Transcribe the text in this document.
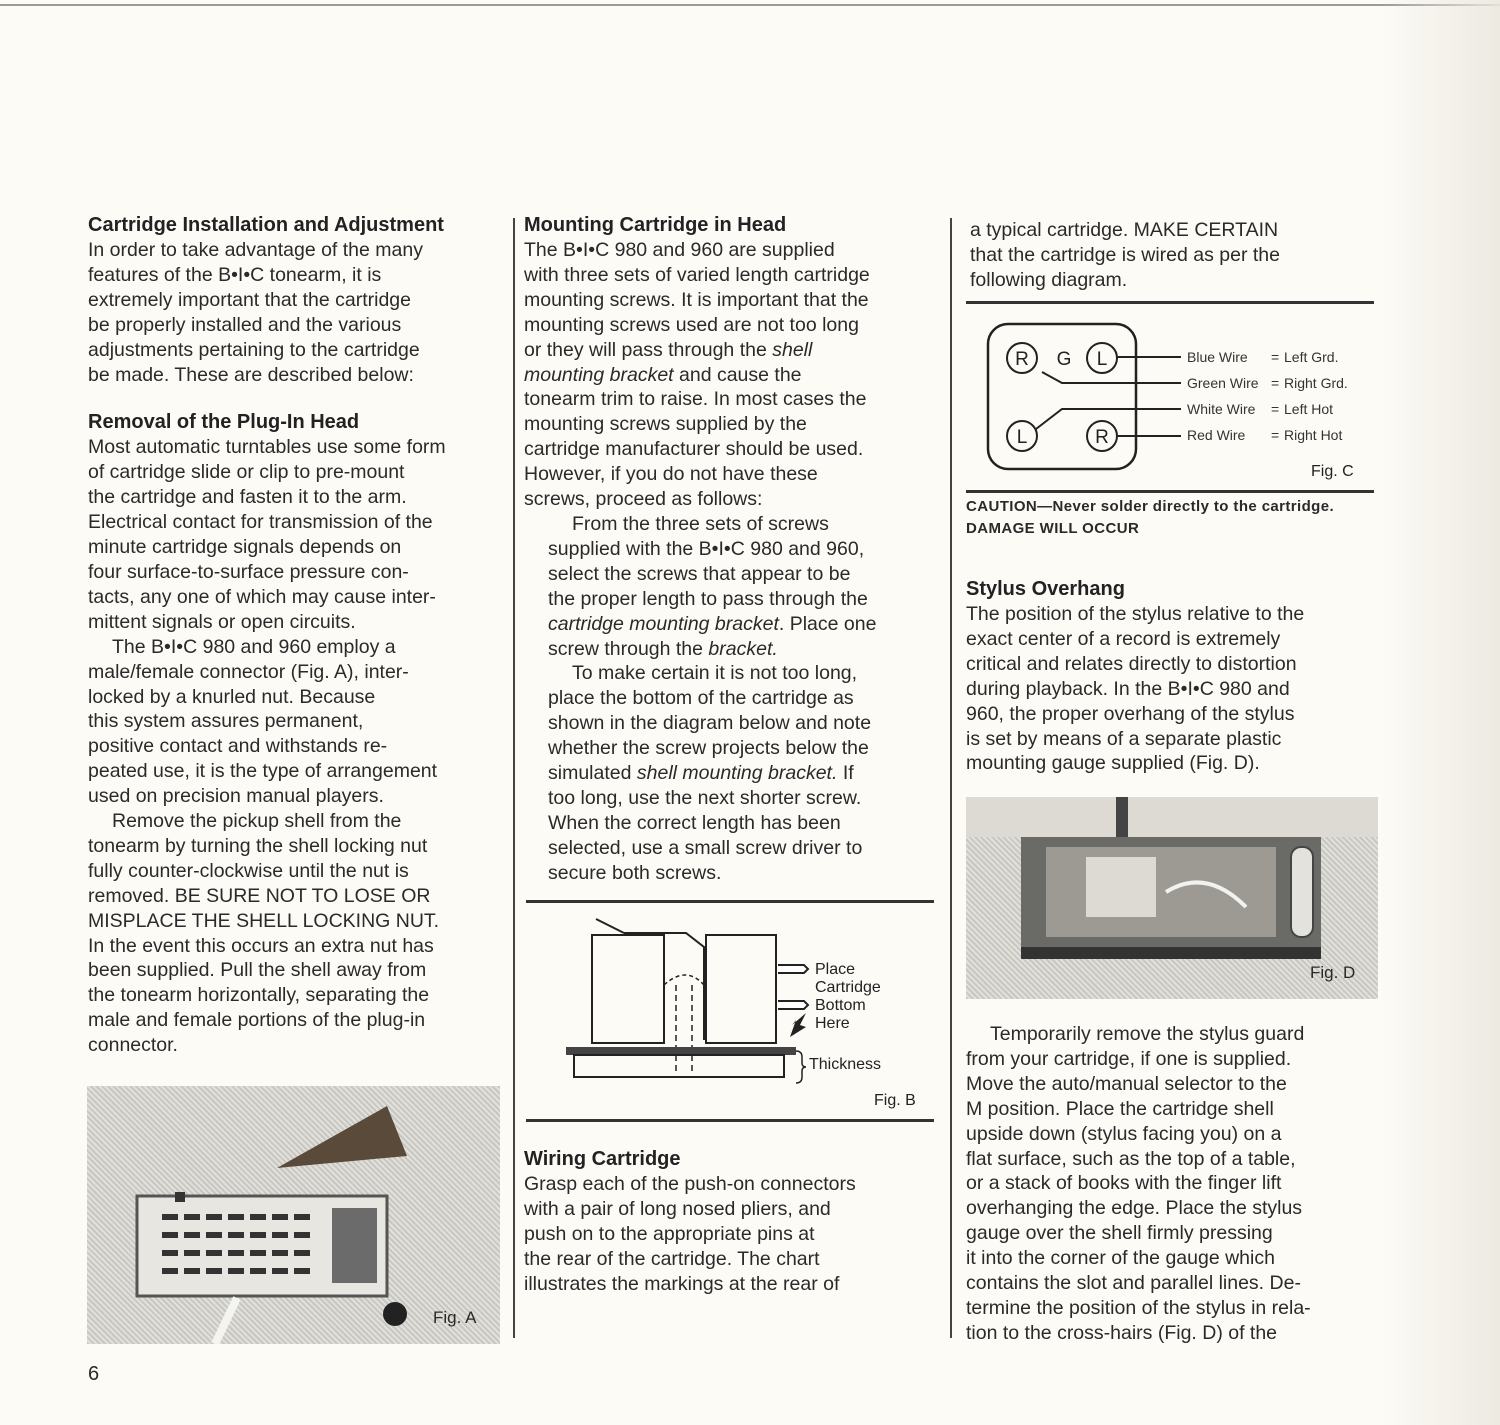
Cartridge Installation and Adjustment

In order to take advantage of the many
features of the B•I•C tonearm, it is
extremely important that the cartridge
be properly installed and the various
adjustments pertaining to the cartridge
be made. These are described below:

Removal of the Plug-In Head

Most automatic turntables use some form
of cartridge slide or clip to pre-mount
the cartridge and fasten it to the arm.
Electrical contact for transmission of the
minute cartridge signals depends on
four surface-to-surface pressure con-
tacts, any one of which may cause inter-
mittent signals or open circuits.

The B•I•C 980 and 960 employ a
male/female connector (Fig. A), inter-
locked by a knurled nut. Because
this system assures permanent,
positive contact and withstands re-
peated use, it is the type of arrangement
used on precision manual players.

Remove the pickup shell from the
tonearm by turning the shell locking nut
fully counter-clockwise until the nut is
removed. BE SURE NOT TO LOSE OR
MISPLACE THE SHELL LOCKING NUT.
In the event this occurs an extra nut has
been supplied. Pull the shell away from
the tonearm horizontally, separating the
male and female portions of the plug-in
connector.

Fig. A
Mounting Cartridge in Head

The B•I•C 980 and 960 are supplied
with three sets of varied length cartridge
mounting screws. It is important that the
mounting screws used are not too long
or they will pass through the shell
mounting bracket and cause the
tonearm trim to raise. In most cases the
mounting screws supplied by the
cartridge manufacturer should be used.
However, if you do not have these
screws, proceed as follows:

From the three sets of screws
supplied with the B•I•C 980 and 960,
select the screws that appear to be
the proper length to pass through the
cartridge mounting bracket. Place one
screw through the bracket.

To make certain it is not too long,
place the bottom of the cartridge as
shown in the diagram below and note
whether the screw projects below the
simulated shell mounting bracket. If
too long, use the next shorter screw.
When the correct length has been
selected, use a small screw driver to
secure both screws.

Place
Cartridge
Bottom
Here
Thickness
Fig. B
Wiring Cartridge

Grasp each of the push-on connectors
with a pair of long nosed pliers, and
push on to the appropriate pins at
the rear of the cartridge. The chart
illustrates the markings at the rear of

a typical cartridge. MAKE CERTAIN
that the cartridge is wired as per the
following diagram.

R G L
L	R
Blue Wire = Left Grd.
Green Wire = Right Grd.
White Wire = Left Hot
Red Wire = Right Hot
Fig. C
CAUTION—Never solder directly to the cartridge.
DAMAGE WILL OCCUR
Stylus Overhang

The position of the stylus relative to the
exact center of a record is extremely
critical and relates directly to distortion
during playback. In the B•I•C 980 and
960, the proper overhang of the stylus
is set by means of a separate plastic
mounting gauge supplied (Fig. D).

Fig. D

Temporarily remove the stylus guard
from your cartridge, if one is supplied.
Move the auto/manual selector to the
M position. Place the cartridge shell
upside down (stylus facing you) on a
flat surface, such as the top of a table,
or a stack of books with the finger lift
overhanging the edge. Place the stylus
gauge over the shell firmly pressing
it into the corner of the gauge which
contains the slot and parallel lines. De-
termine the position of the stylus in rela-
tion to the cross-hairs (Fig. D) of the

6
